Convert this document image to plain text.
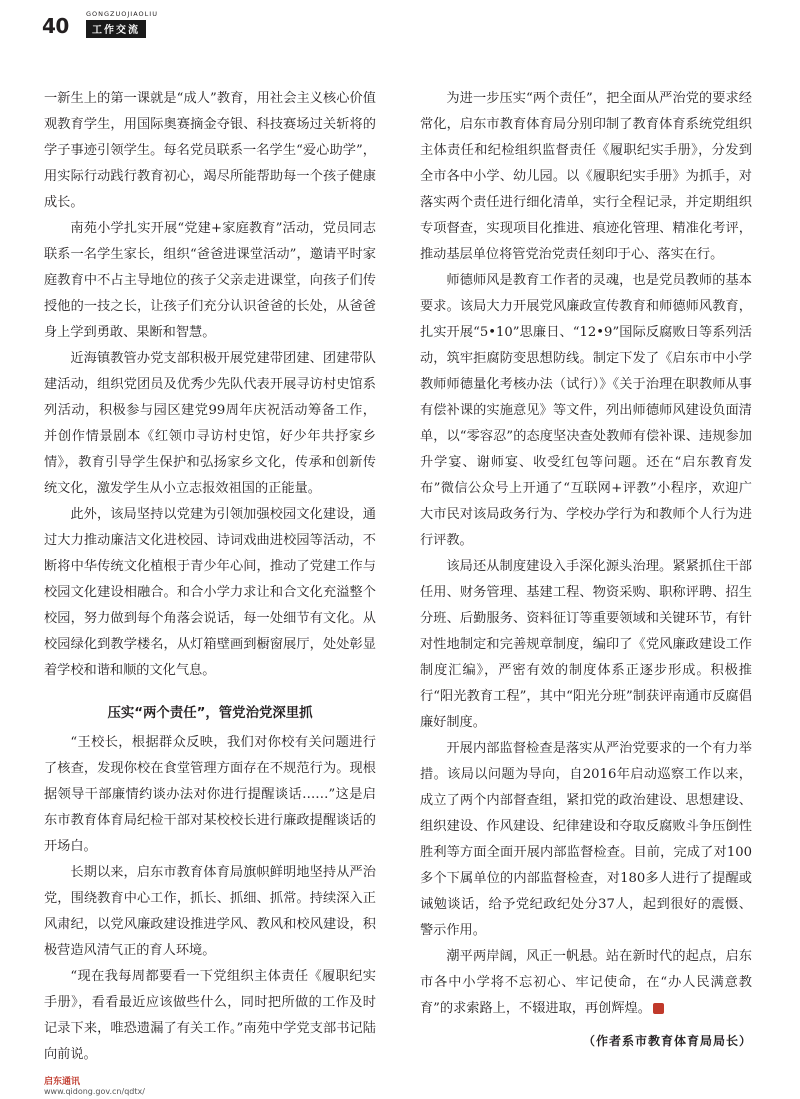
40	GONGZUOJIAOLIU
工作交流

一新生上的第一课就是“成人”教育，用社会主义核心价值观教育学生，用国际奥赛摘金夺银、科技赛场过关斩将的学子事迹引领学生。每名党员联系一名学生“爱心助学”，用实际行动践行教育初心，竭尽所能帮助每一个孩子健康成长。

南苑小学扎实开展“党建+家庭教育”活动，党员同志联系一名学生家长，组织“爸爸进课堂活动”，邀请平时家庭教育中不占主导地位的孩子父亲走进课堂，向孩子们传授他的一技之长，让孩子们充分认识爸爸的长处，从爸爸身上学到勇敢、果断和智慧。

近海镇教管办党支部积极开展党建带团建、团建带队建活动，组织党团员及优秀少先队代表开展寻访村史馆系列活动，积极参与园区建党99周年庆祝活动筹备工作，并创作情景剧本《红领巾寻访村史馆，好少年共抒家乡情》，教育引导学生保护和弘扬家乡文化，传承和创新传统文化，激发学生从小立志报效祖国的正能量。

此外，该局坚持以党建为引领加强校园文化建设，通过大力推动廉洁文化进校园、诗词戏曲进校园等活动，不断将中华传统文化植根于青少年心间，推动了党建工作与校园文化建设相融合。和合小学力求让和合文化充溢整个校园，努力做到每个角落会说话，每一处细节有文化。从校园绿化到教学楼名，从灯箱壁画到橱窗展厅，处处彰显着学校和谐和顺的文化气息。

压实“两个责任”，管党治党深里抓

“王校长，根据群众反映，我们对你校有关问题进行了核查，发现你校在食堂管理方面存在不规范行为。现根据领导干部廉情约谈办法对你进行提醒谈话……”这是启东市教育体育局纪检干部对某校校长进行廉政提醒谈话的开场白。

长期以来，启东市教育体育局旗帜鲜明地坚持从严治党，围绕教育中心工作，抓长、抓细、抓常。持续深入正风肃纪，以党风廉政建设推进学风、教风和校风建设，积极营造风清气正的育人环境。

“现在我每周都要看一下党组织主体责任《履职纪实手册》，看看最近应该做些什么，同时把所做的工作及时记录下来，唯恐遗漏了有关工作。”南苑中学党支部书记陆向前说。

为进一步压实“两个责任”，把全面从严治党的要求经常化，启东市教育体育局分别印制了教育体育系统党组织主体责任和纪检组织监督责任《履职纪实手册》，分发到全市各中小学、幼儿园。以《履职纪实手册》为抓手，对落实两个责任进行细化清单，实行全程记录，并定期组织专项督查，实现项目化推进、痕迹化管理、精准化考评，推动基层单位将管党治党责任刻印于心、落实在行。

师德师风是教育工作者的灵魂，也是党员教师的基本要求。该局大力开展党风廉政宣传教育和师德师风教育，扎实开展“5•10”思廉日、“12•9”国际反腐败日等系列活动，筑牢拒腐防变思想防线。制定下发了《启东市中小学教师师德量化考核办法（试行）》《关于治理在职教师从事有偿补课的实施意见》等文件，列出师德师风建设负面清单，以“零容忍”的态度坚决查处教师有偿补课、违规参加升学宴、谢师宴、收受红包等问题。还在“启东教育发布”微信公众号上开通了“互联网+评教”小程序，欢迎广大市民对该局政务行为、学校办学行为和教师个人行为进行评教。

该局还从制度建设入手深化源头治理。紧紧抓住干部任用、财务管理、基建工程、物资采购、职称评聘、招生分班、后勤服务、资料征订等重要领域和关键环节，有针对性地制定和完善规章制度，编印了《党风廉政建设工作制度汇编》，严密有效的制度体系正逐步形成。积极推行“阳光教育工程”，其中“阳光分班”制获评南通市反腐倡廉好制度。

开展内部监督检查是落实从严治党要求的一个有力举措。该局以问题为导向，自2016年启动巡察工作以来，成立了两个内部督查组，紧扣党的政治建设、思想建设、组织建设、作风建设、纪律建设和夺取反腐败斗争压倒性胜利等方面全面开展内部监督检查。目前，完成了对100多个下属单位的内部监督检查，对180多人进行了提醒或诫勉谈话，给予党纪政纪处分37人，起到很好的震慑、警示作用。

潮平两岸阔，风正一帆悬。站在新时代的起点，启东市各中小学将不忘初心、牢记使命，在“办人民满意教育”的求索路上，不辍进取，再创辉煌。	文

（作者系市教育体育局局长）
启东通讯
www.qidong.gov.cn/qdtx/
